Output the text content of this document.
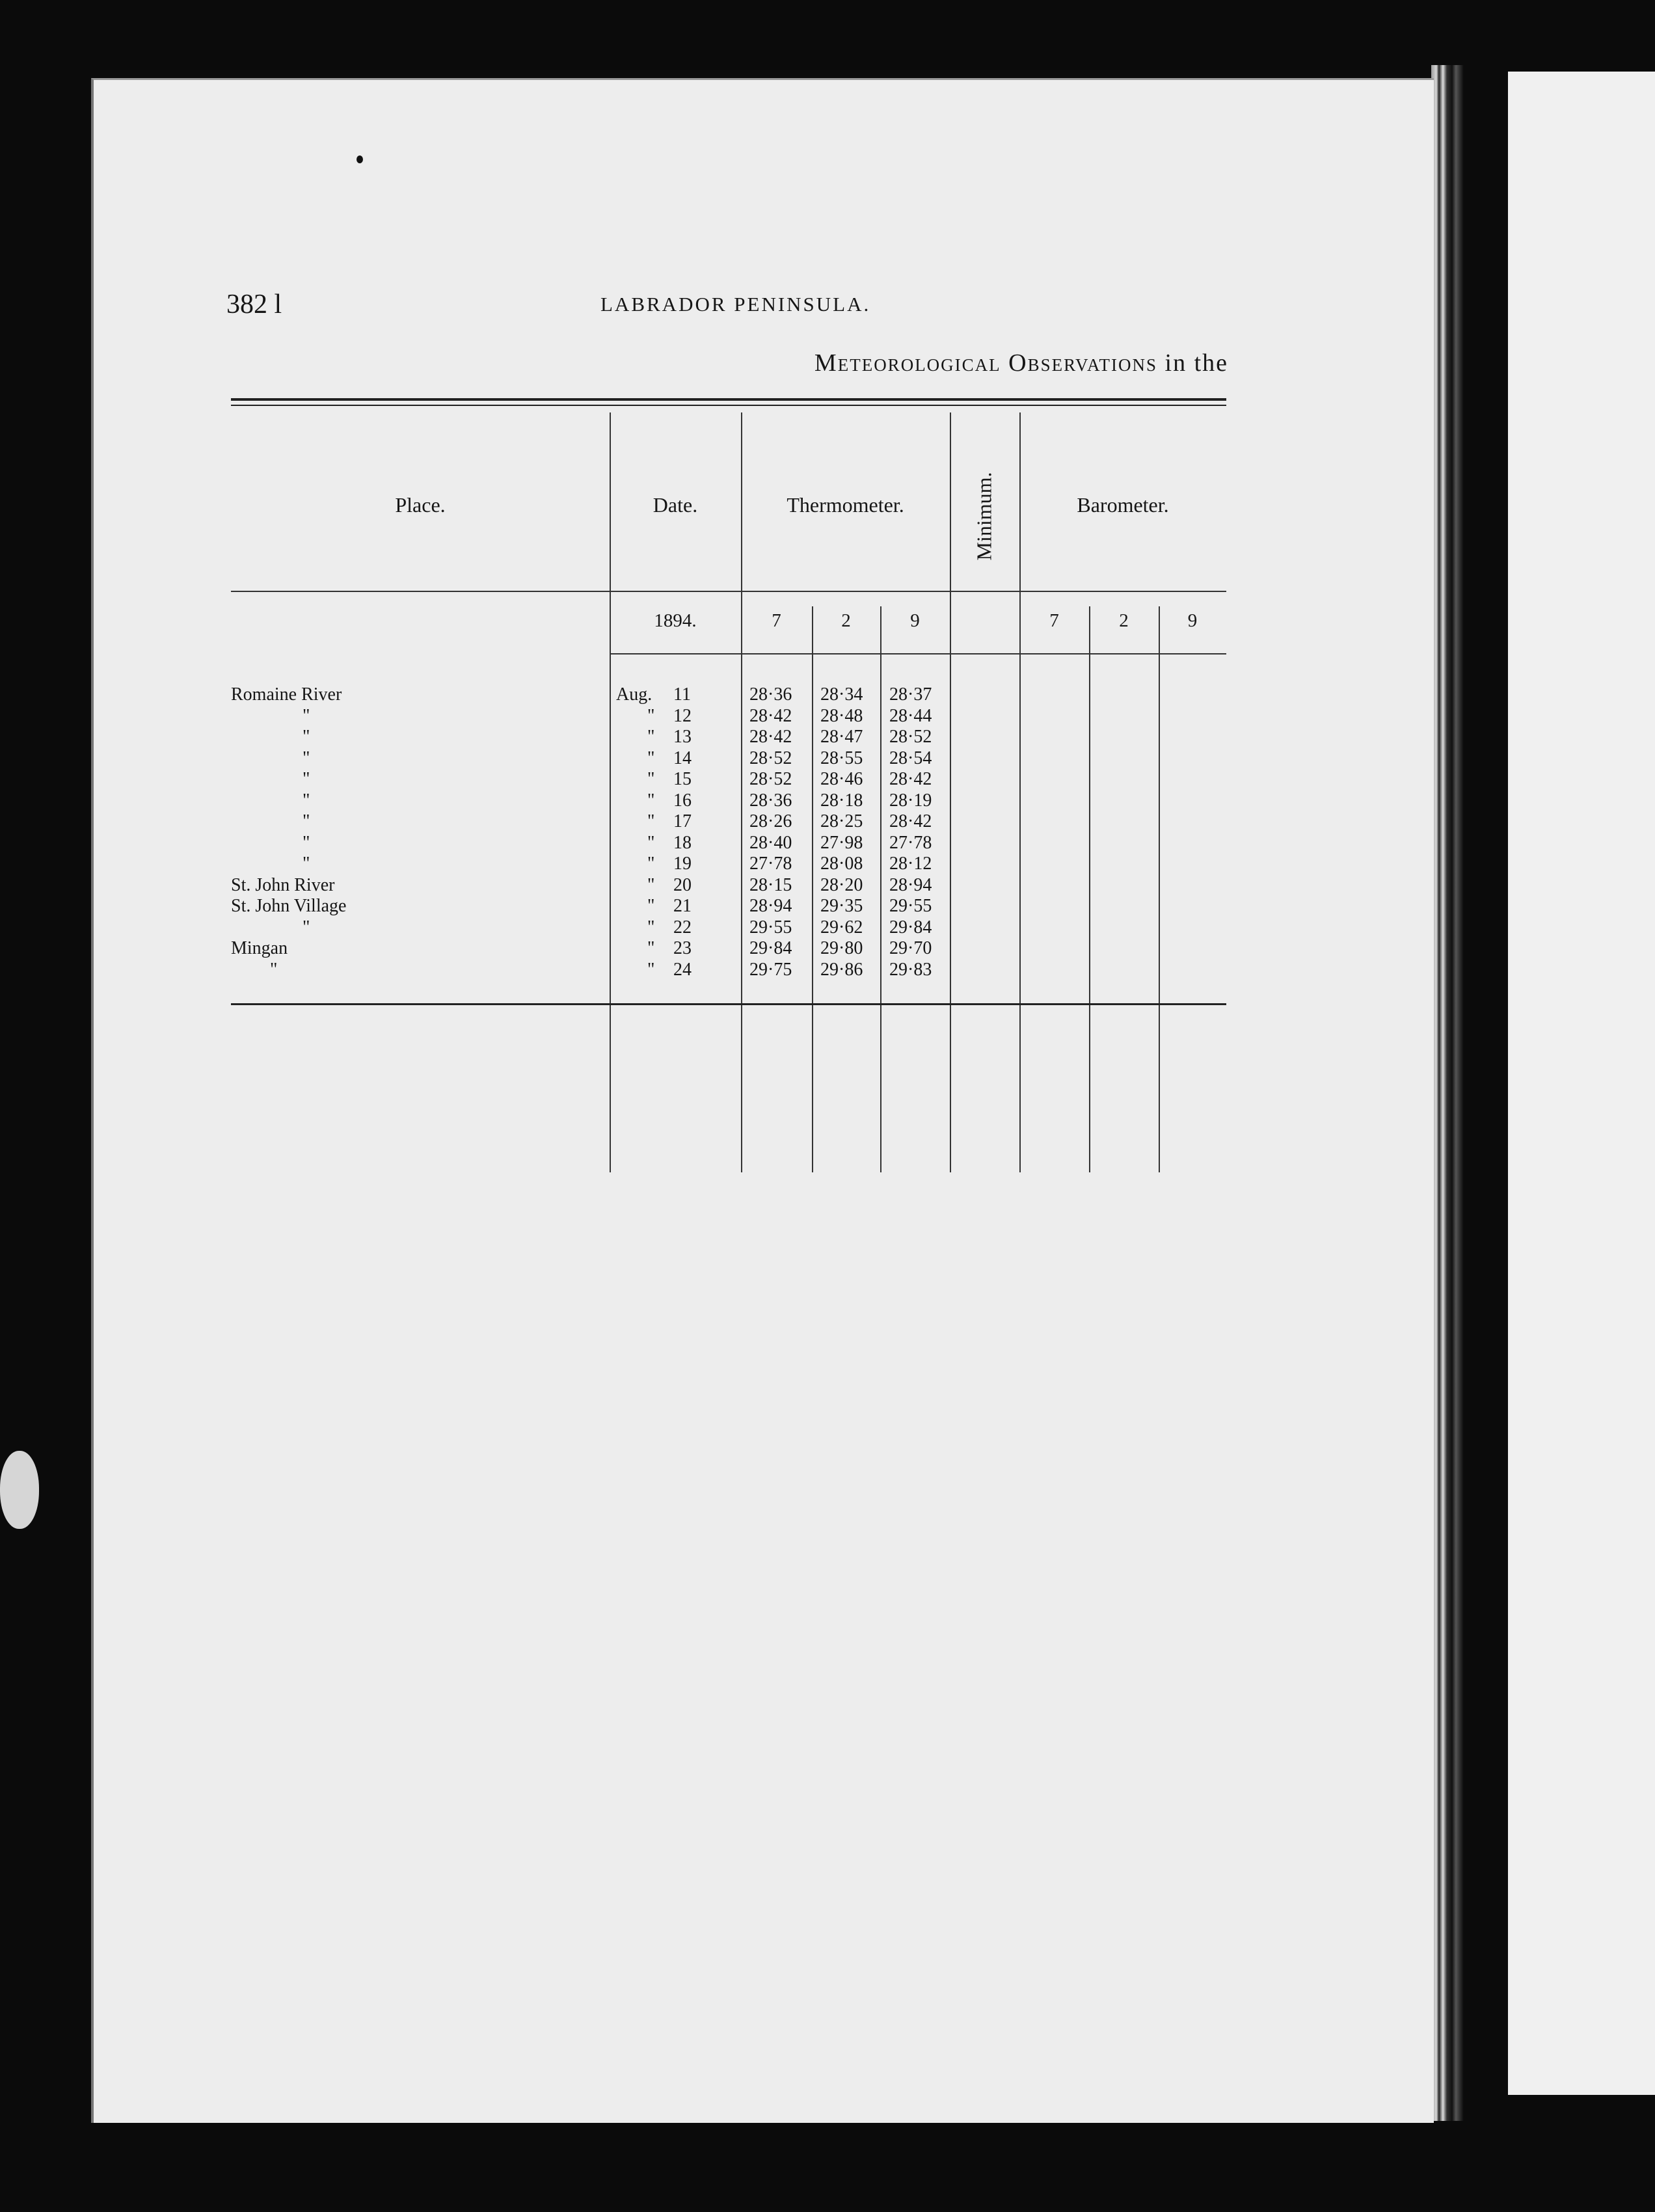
382 l	LABRADOR PENINSULA.
Meteorological Observations in the
Place.	Date.	Thermometer.	Minimum.	Barometer.
1894.	7	2	9	7	2	9
Romaine River	Aug. 11	28·36 28·34 28·37
"	" 12	28·42 28·48 28·44
"	" 13	28·42 28·47 28·52
"	" 14	28·52 28·55 28·54
"	" 15	28·52 28·46 28·42
"	" 16	28·36 28·18 28·19
"	" 17	28·26 28·25 28·42
"	" 18	28·40 27·98 27·78
"	" 19	27·78 28·08 28·12
St. John River	" 20	28·15 28·20 28·94
St. John Village	" 21	28·94 29·35 29·55
"	" 22	29·55 29·62 29·84
Mingan	" 23	29·84 29·80 29·70
"	" 24	29·75 29·86 29·83
